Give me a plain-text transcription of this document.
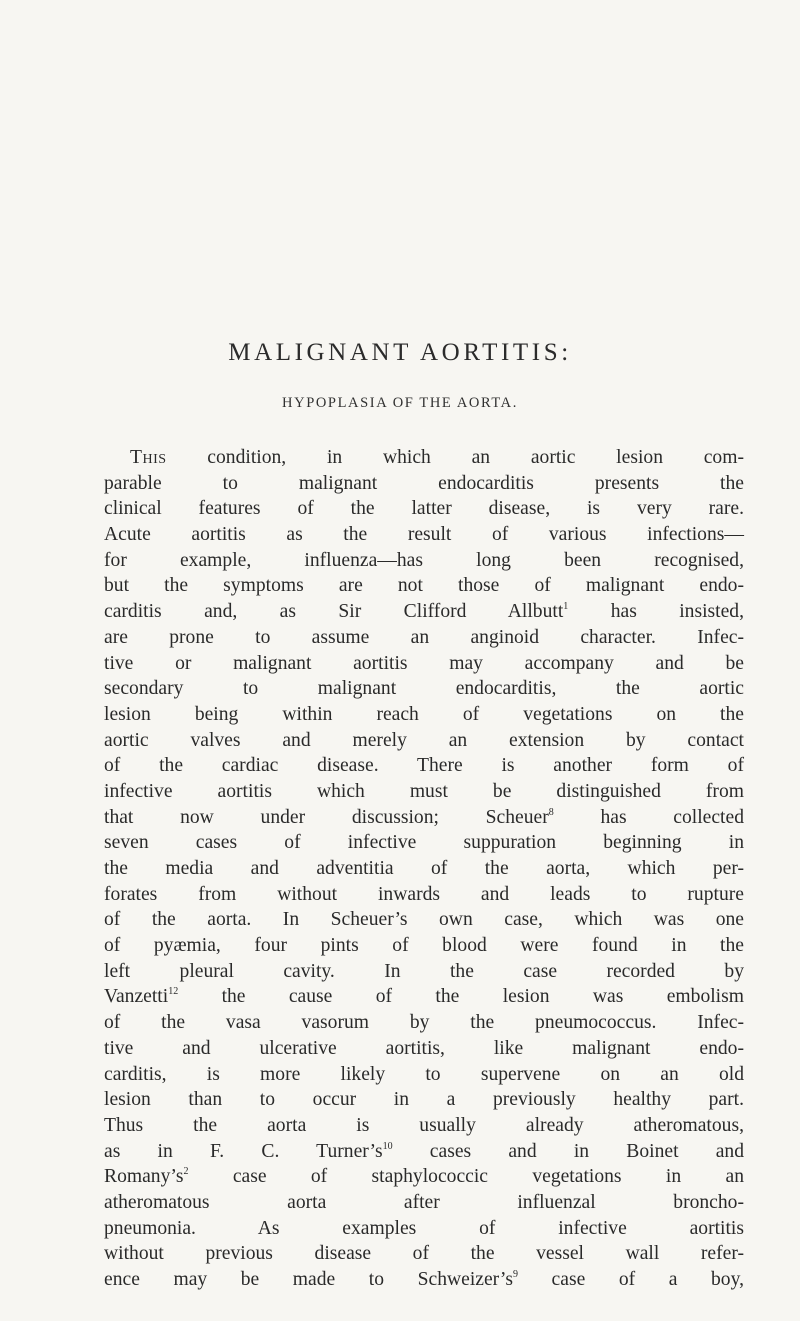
MALIGNANT AORTITIS:
HYPOPLASIA OF THE AORTA.
This condition, in which an aortic lesion com-
parable to malignant endocarditis presents the
clinical features of the latter disease, is very rare.
Acute aortitis as the result of various infections—
for example, influenza—has long been recognised,
but the symptoms are not those of malignant endo-
carditis and, as Sir Clifford Allbutt$^1$ has insisted,
are prone to assume an anginoid character. Infec-
tive or malignant aortitis may accompany and be
secondary to malignant endocarditis, the aortic
lesion being within reach of vegetations on the
aortic valves and merely an extension by contact
of the cardiac disease. There is another form of
infective aortitis which must be distinguished from
that now under discussion; Scheuer$^8$ has collected
seven cases of infective suppuration beginning in
the media and adventitia of the aorta, which per-
forates from without inwards and leads to rupture
of the aorta. In Scheuer’s own case, which was one
of pyæmia, four pints of blood were found in the
left pleural cavity. In the case recorded by
Vanzetti$^{12}$ the cause of the lesion was embolism
of the vasa vasorum by the pneumococcus. Infec-
tive and ulcerative aortitis, like malignant endo-
carditis, is more likely to supervene on an old
lesion than to occur in a previously healthy part.
Thus the aorta is usually already atheromatous,
as in F. C. $Turner’s^{10}$ cases and in Boinet and
$Romany’s^2$ case of staphylococcic vegetations in an
atheromatous aorta after influenzal broncho-
pneumonia. As examples of infective aortitis
without previous disease of the vessel wall refer-
ence may be made to $Schweizer’s^9$ case of a boy,
